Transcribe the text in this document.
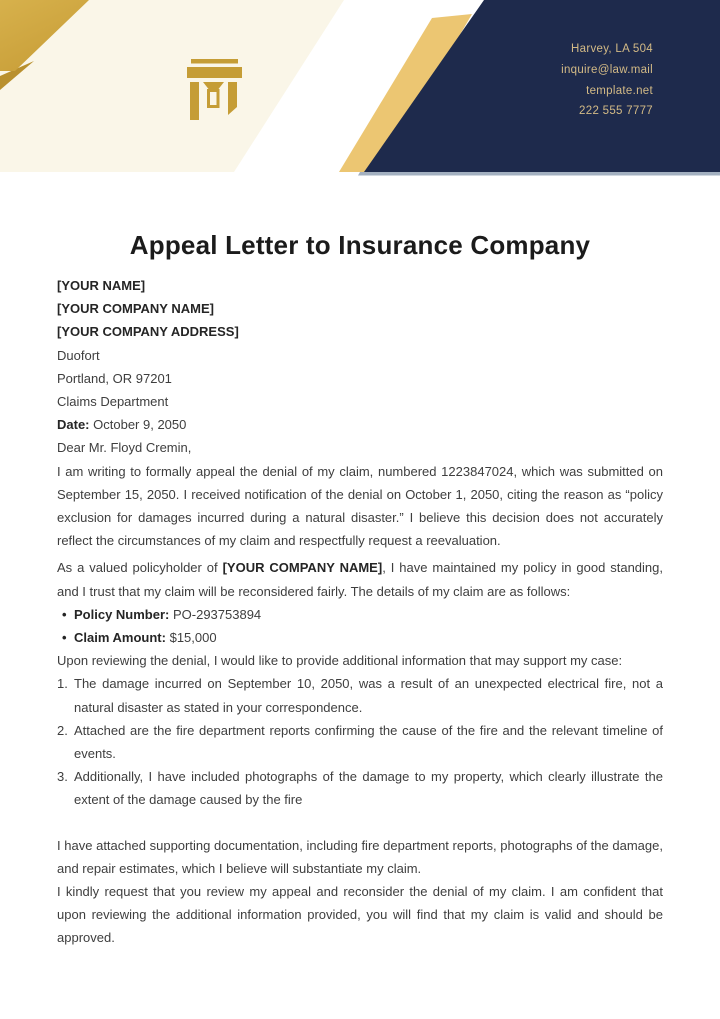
Harvey, LA 504
inquire@law.mail
template.net
222 555 7777
Appeal Letter to Insurance Company
[YOUR NAME]
[YOUR COMPANY NAME]
[YOUR COMPANY ADDRESS]
Duofort
Portland, OR 97201
Claims Department
Date: October 9, 2050
Dear Mr. Floyd Cremin,

I am writing to formally appeal the denial of my claim, numbered 1223847024, which was submitted on September 15, 2050. I received notification of the denial on October 1, 2050, citing the reason as “policy exclusion for damages incurred during a natural disaster.” I believe this decision does not accurately reflect the circumstances of my claim and respectfully request a reevaluation.

As a valued policyholder of [YOUR COMPANY NAME], I have maintained my policy in good standing, and I trust that my claim will be reconsidered fairly. The details of my claim are as follows:

• Policy Number: PO-293753894
• Claim Amount: $15,000

Upon reviewing the denial, I would like to provide additional information that may support my case:

1. The damage incurred on September 10, 2050, was a result of an unexpected electrical fire, not a natural disaster as stated in your correspondence.
2. Attached are the fire department reports confirming the cause of the fire and the relevant timeline of events.
3. Additionally, I have included photographs of the damage to my property, which clearly illustrate the extent of the damage caused by the fire

I have attached supporting documentation, including fire department reports, photographs of the damage, and repair estimates, which I believe will substantiate my claim.

I kindly request that you review my appeal and reconsider the denial of my claim. I am confident that upon reviewing the additional information provided, you will find that my claim is valid and should be approved.
